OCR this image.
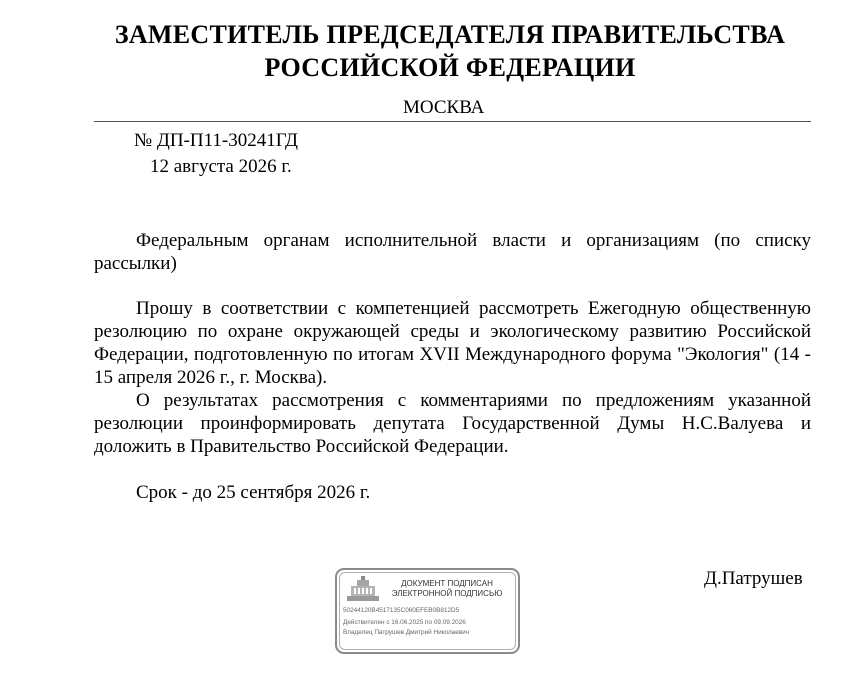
ЗАМЕСТИТЕЛЬ ПРЕДСЕДАТЕЛЯ ПРАВИТЕЛЬСТВА
РОССИЙСКОЙ ФЕДЕРАЦИИ
МОСКВА
№ ДП-П11-30241ГД
12 августа 2026 г.

Федеральным органам исполнительной власти и организациям (по списку рассылки)

Прошу в соответствии с компетенцией рассмотреть Ежегодную общественную резолюцию по охране окружающей среды и экологическому развитию Российской Федерации, подготовленную по итогам XVII Международного форума "Экология" (14 - 15 апреля 2026 г., г. Москва).

О результатах рассмотрения с комментариями по предложениям указанной резолюции проинформировать депутата Государственной Думы Н.С.Валуева и доложить в Правительство Российской Федерации.

Срок - до 25 сентября 2026 г.

ДОКУМЕНТ ПОДПИСАН
ЭЛЕКТРОННОЙ ПОДПИСЬЮ
50244120B4517135C060EFEB0B812D5
Действителен с 16.06.2025 по 09.09.2026
Владелец Патрушев Дмитрий Николаевич
Д.Патрушев
